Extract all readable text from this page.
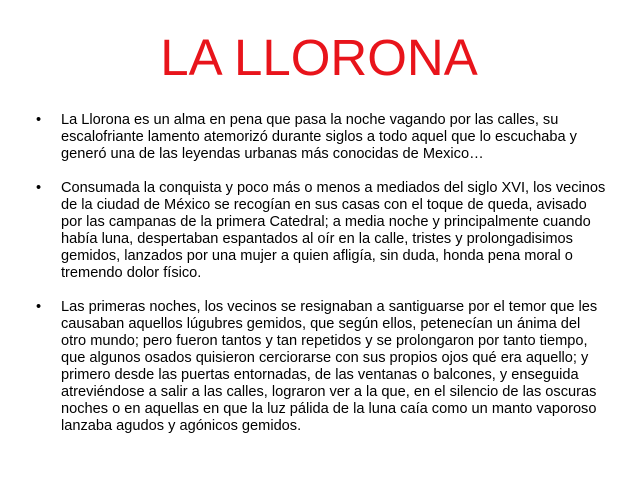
LA LLORONA
• La Llorona es un alma en pena que pasa la noche vagando por las calles, su escalofriante lamento atemorizó durante siglos a todo aquel que lo escuchaba y generó una de las leyendas urbanas más conocidas de Mexico…
• Consumada la conquista y poco más o menos a mediados del siglo XVI, los vecinos de la ciudad de México se recogían en sus casas con el toque de queda, avisado por las campanas de la primera Catedral; a media noche y principalmente cuando había luna, despertaban espantados al oír en la calle, tristes y prolongadisimos gemidos, lanzados por una mujer a quien afligía, sin duda, honda pena moral o tremendo dolor físico.
• Las primeras noches, los vecinos se resignaban a santiguarse por el temor que les causaban aquellos lúgubres gemidos, que según ellos, petenecían un ánima del otro mundo; pero fueron tantos y tan repetidos y se prolongaron por tanto tiempo, que algunos osados quisieron cerciorarse con sus propios ojos qué era aquello; y primero desde las puertas entornadas, de las ventanas o balcones, y enseguida atreviéndose a salir a las calles, lograron ver a la que, en el silencio de las oscuras noches o en aquellas en que la luz pálida de la luna caía como un manto vaporoso lanzaba agudos y agónicos gemidos.
